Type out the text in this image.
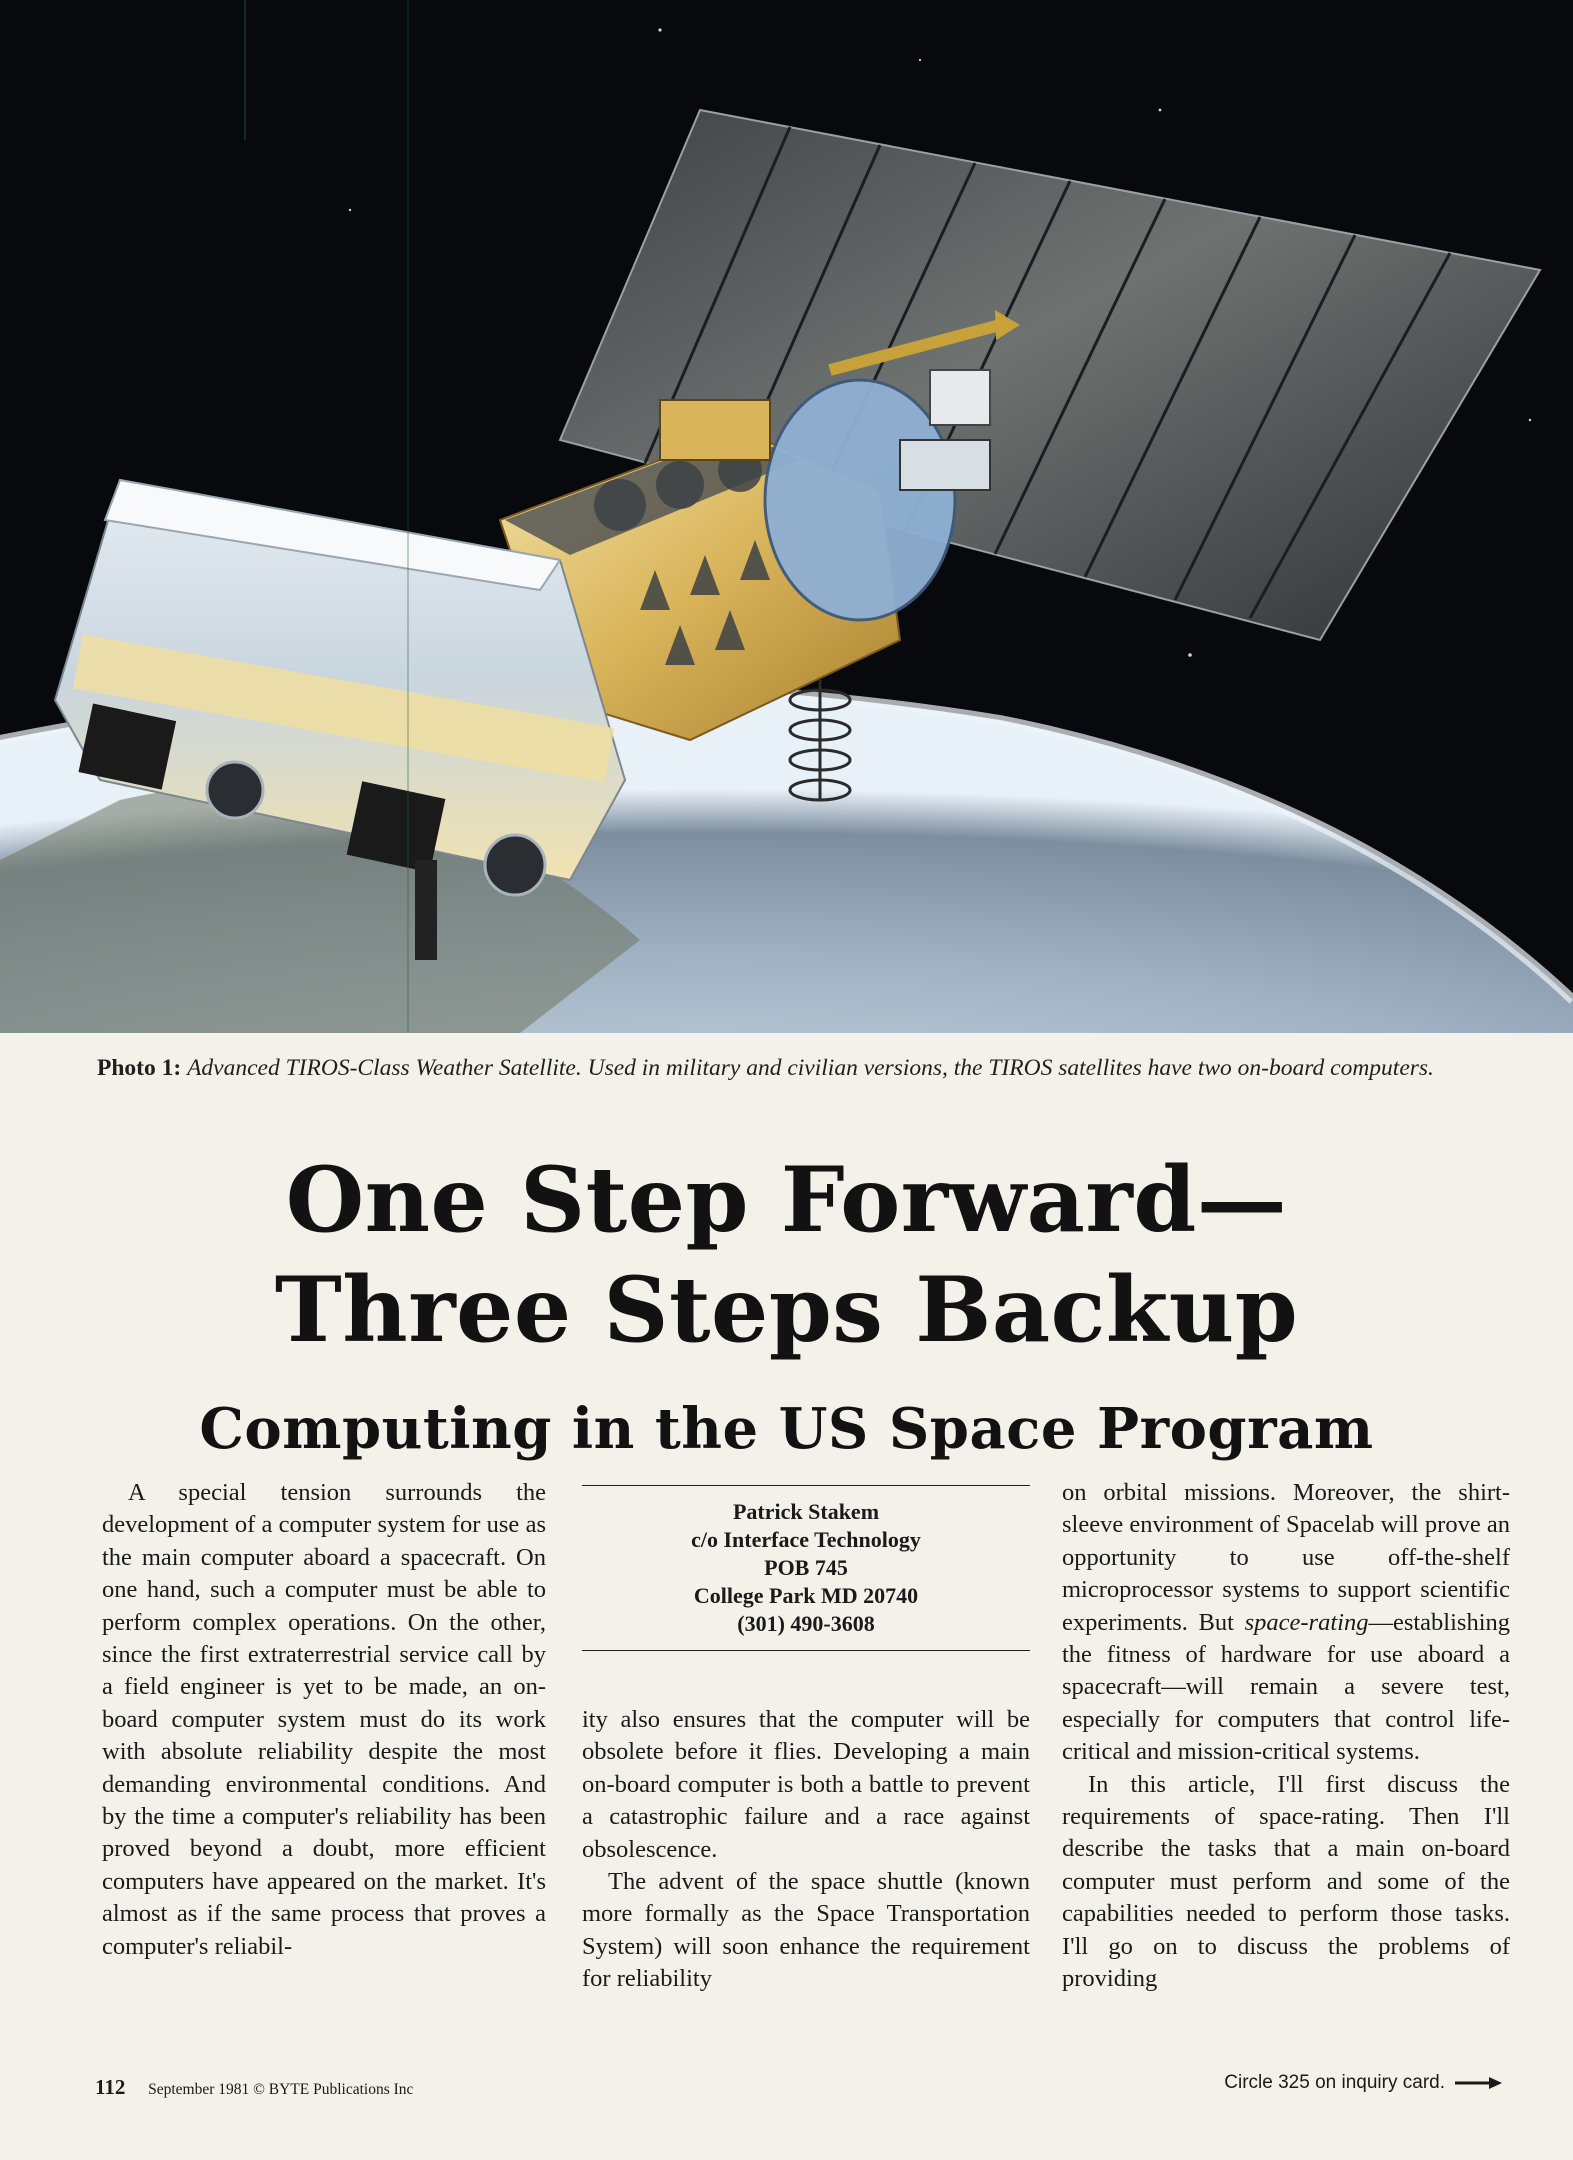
Photo 1: Advanced TIROS-Class Weather Satellite. Used in military and civilian versions, the TIROS satellites have two on-board computers.
One Step Forward—
Three Steps Backup
Computing in the US Space Program

A special tension surrounds the development of a computer system for use as the main computer aboard a spacecraft. On one hand, such a computer must be able to perform complex operations. On the other, since the first extraterrestrial service call by a field engineer is yet to be made, an on-board computer system must do its work with absolute reliability despite the most demanding environmental conditions. And by the time a computer's reliability has been proved beyond a doubt, more efficient computers have appeared on the market. It's almost as if the same process that proves a computer's reliabil-

Patrick Stakem
c/o Interface Technology
POB 745
College Park MD 20740
(301) 490-3608

ity also ensures that the computer will be obsolete before it flies. Developing a main on-board computer is both a battle to prevent a catastrophic failure and a race against obsolescence.

The advent of the space shuttle (known more formally as the Space Transportation System) will soon enhance the requirement for reliability

on orbital missions. Moreover, the shirt-sleeve environment of Spacelab will prove an opportunity to use off-the-shelf microprocessor systems to support scientific experiments. But space-rating—establishing the fitness of hardware for use aboard a spacecraft—will remain a severe test, especially for computers that control life-critical and mission-critical systems.

In this article, I'll first discuss the requirements of space-rating. Then I'll describe the tasks that a main on-board computer must perform and some of the capabilities needed to perform those tasks. I'll go on to discuss the problems of providing

112 September 1981 © BYTE Publications Inc	Circle 325 on inquiry card.
